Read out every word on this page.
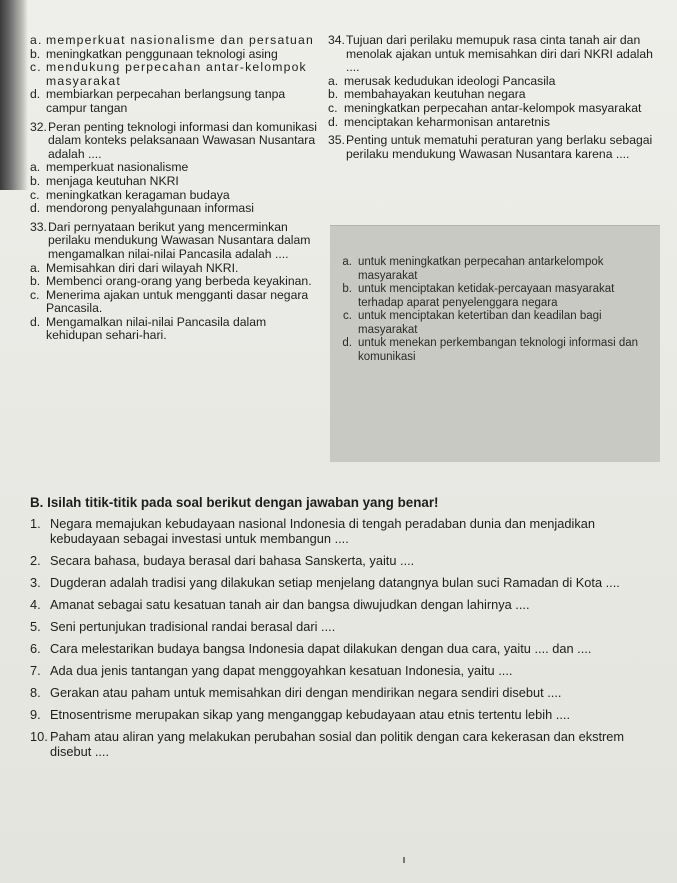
a. memperkuat nasionalisme dan persatuan
b. meningkatkan penggunaan teknologi asing
c. mendukung perpecahan antar-kelompok masyarakat
d. membiarkan perpecahan berlangsung tanpa campur tangan
32. Peran penting teknologi informasi dan komunikasi dalam konteks pelaksanaan Wawasan Nusantara adalah ....
a. memperkuat nasionalisme
b. menjaga keutuhan NKRI
c. meningkatkan keragaman budaya
d. mendorong penyalahgunaan informasi
33. Dari pernyataan berikut yang mencerminkan perilaku mendukung Wawasan Nusantara dalam mengamalkan nilai-nilai Pancasila adalah ....
a. Memisahkan diri dari wilayah NKRI.
b. Membenci orang-orang yang berbeda keyakinan.
c. Menerima ajakan untuk mengganti dasar negara Pancasila.
d. Mengamalkan nilai-nilai Pancasila dalam kehidupan sehari-hari.
34. Tujuan dari perilaku memupuk rasa cinta tanah air dan menolak ajakan untuk memisahkan diri dari NKRI adalah ....
a. merusak kedudukan ideologi Pancasila
b. membahayakan keutuhan negara
c. meningkatkan perpecahan antar-kelompok masyarakat
d. menciptakan keharmonisan antaretnis
35. Penting untuk mematuhi peraturan yang berlaku sebagai perilaku mendukung Wawasan Nusantara karena ....
a. untuk meningkatkan perpecahan antarkelompok masyarakat
b. untuk menciptakan ketidak-percayaan masyarakat terhadap aparat penyelenggara negara
c. untuk menciptakan ketertiban dan keadilan bagi masyarakat
d. untuk menekan perkembangan teknologi informasi dan komunikasi
B. Isilah titik-titik pada soal berikut dengan jawaban yang benar!
1. Negara memajukan kebudayaan nasional Indonesia di tengah peradaban dunia dan menjadikan kebudayaan sebagai investasi untuk membangun ....
2. Secara bahasa, budaya berasal dari bahasa Sanskerta, yaitu ....
3. Dugderan adalah tradisi yang dilakukan setiap menjelang datangnya bulan suci Ramadan di Kota ....
4. Amanat sebagai satu kesatuan tanah air dan bangsa diwujudkan dengan lahirnya ....
5. Seni pertunjukan tradisional randai berasal dari ....
6. Cara melestarikan budaya bangsa Indonesia dapat dilakukan dengan dua cara, yaitu .... dan ....
7. Ada dua jenis tantangan yang dapat menggoyahkan kesatuan Indonesia, yaitu ....
8. Gerakan atau paham untuk memisahkan diri dengan mendirikan negara sendiri disebut ....
9. Etnosentrisme merupakan sikap yang menganggap kebudayaan atau etnis tertentu lebih ....
10. Paham atau aliran yang melakukan perubahan sosial dan politik dengan cara kekerasan dan ekstrem disebut ....
